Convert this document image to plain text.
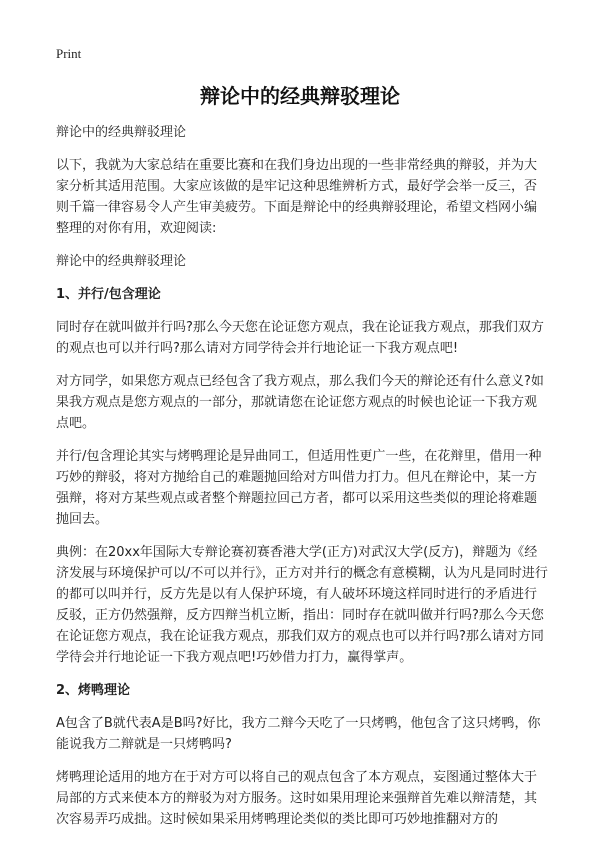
Print
辩论中的经典辩驳理论

辩论中的经典辩驳理论

以下，我就为大家总结在重要比赛和在我们身边出现的一些非常经典的辩驳，并为大家分析其适用范围。大家应该做的是牢记这种思维辨析方式，最好学会举一反三，否则千篇一律容易令人产生审美疲劳。下面是辩论中的经典辩驳理论，希望文档网小编整理的对你有用，欢迎阅读:

辩论中的经典辩驳理论

1、并行/包含理论

同时存在就叫做并行吗?那么今天您在论证您方观点，我在论证我方观点，那我们双方的观点也可以并行吗?那么请对方同学待会并行地论证一下我方观点吧!

对方同学，如果您方观点已经包含了我方观点，那么我们今天的辩论还有什么意义?如果我方观点是您方观点的一部分，那就请您在论证您方观点的时候也论证一下我方观点吧。

并行/包含理论其实与烤鸭理论是异曲同工，但适用性更广一些，在花辩里，借用一种巧妙的辩驳，将对方抛给自己的难题抛回给对方叫借力打力。但凡在辩论中，某一方强辩，将对方某些观点或者整个辩题拉回己方者，都可以采用这些类似的理论将难题抛回去。

典例：在20xx年国际大专辩论赛初赛香港大学(正方)对武汉大学(反方)，辩题为《经济发展与环境保护可以/不可以并行》，正方对并行的概念有意模糊，认为凡是同时进行的都可以叫并行，反方先是以有人保护环境，有人破坏环境这样同时进行的矛盾进行反驳，正方仍然强辩，反方四辩当机立断，指出：同时存在就叫做并行吗?那么今天您在论证您方观点，我在论证我方观点，那我们双方的观点也可以并行吗?那么请对方同学待会并行地论证一下我方观点吧!巧妙借力打力，赢得掌声。

2、烤鸭理论

A包含了B就代表A是B吗?好比，我方二辩今天吃了一只烤鸭，他包含了这只烤鸭，你能说我方二辩就是一只烤鸭吗?

烤鸭理论适用的地方在于对方可以将自己的观点包含了本方观点，妄图通过整体大于局部的方式来使本方的辩驳为对方服务。这时如果用理论来强辩首先难以辩清楚，其次容易弄巧成拙。这时候如果采用烤鸭理论类似的类比即可巧妙地推翻对方的
